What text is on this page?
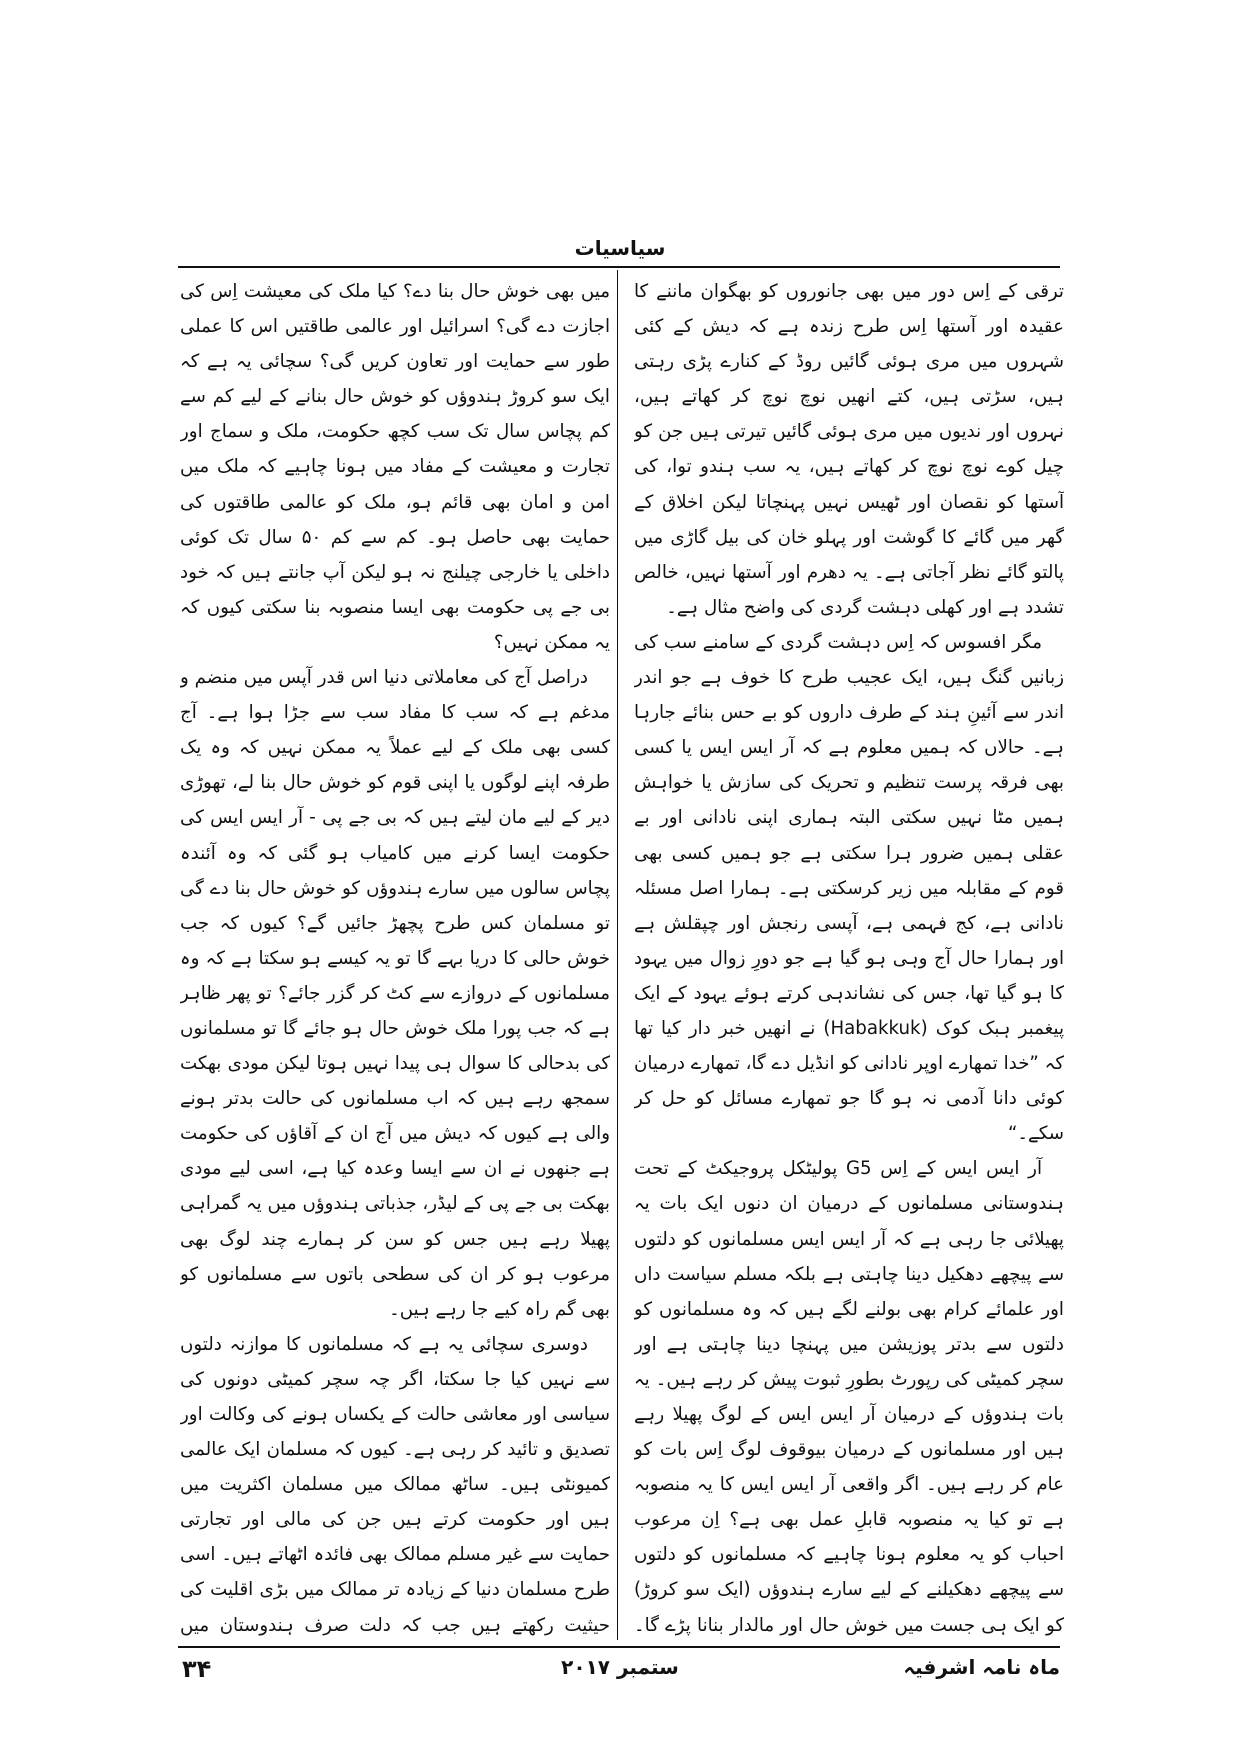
سیاسیات

ترقی کے اِس دور میں بھی جانوروں کو بھگوان ماننے کا عقیدہ اور آستھا اِس طرح زندہ ہے کہ دیش کے کئی شہروں میں مری ہوئی گائیں روڈ کے کنارے پڑی رہتی ہیں، سڑتی ہیں، کتے انھیں نوچ نوچ کر کھاتے ہیں، نہروں اور ندیوں میں مری ہوئی گائیں تیرتی ہیں جن کو چیل کوے نوچ نوچ کر کھاتے ہیں، یہ سب ہندو توا، کی آستھا کو نقصان اور ٹھیس نہیں پہنچاتا لیکن اخلاق کے گھر میں گائے کا گوشت اور پہلو خان کی بیل گاڑی میں پالتو گائے نظر آجاتی ہے۔ یہ دھرم اور آستھا نہیں، خالص تشدد ہے اور کھلی دہشت گردی کی واضح مثال ہے۔

مگر افسوس کہ اِس دہشت گردی کے سامنے سب کی زبانیں گنگ ہیں، ایک عجیب طرح کا خوف ہے جو اندر اندر سے آئینِ ہند کے طرف داروں کو بے حس بنائے جارہا ہے۔ حالاں کہ ہمیں معلوم ہے کہ آر ایس ایس یا کسی بھی فرقہ پرست تنظیم و تحریک کی سازش یا خواہش ہمیں مٹا نہیں سکتی البتہ ہماری اپنی نادانی اور بے عقلی ہمیں ضرور ہرا سکتی ہے جو ہمیں کسی بھی قوم کے مقابلہ میں زیر کرسکتی ہے۔ ہمارا اصل مسئلہ نادانی ہے، کج فہمی ہے، آپسی رنجش اور چپقلش ہے اور ہمارا حال آج وہی ہو گیا ہے جو دورِ زوال میں یہود کا ہو گیا تھا، جس کی نشاندہی کرتے ہوئے یہود کے ایک پیغمبر ہبک کوک (Habakkuk) نے انھیں خبر دار کیا تھا کہ ”خدا تمھارے اوپر نادانی کو انڈیل دے گا، تمھارے درمیان کوئی دانا آدمی نہ ہو گا جو تمھارے مسائل کو حل کر سکے۔“

آر ایس ایس کے اِس G5 پولیٹکل پروجیکٹ کے تحت ہندوستانی مسلمانوں کے درمیان ان دنوں ایک بات یہ پھیلائی جا رہی ہے کہ آر ایس ایس مسلمانوں کو دلتوں سے پیچھے دھکیل دینا چاہتی ہے بلکہ مسلم سیاست داں اور علمائے کرام بھی بولنے لگے ہیں کہ وہ مسلمانوں کو دلتوں سے بدتر پوزیشن میں پہنچا دینا چاہتی ہے اور سچر کمیٹی کی رپورٹ بطورِ ثبوت پیش کر رہے ہیں۔ یہ بات ہندوؤں کے درمیان آر ایس ایس کے لوگ پھیلا رہے ہیں اور مسلمانوں کے درمیان بیوقوف لوگ اِس بات کو عام کر رہے ہیں۔ اگر واقعی آر ایس ایس کا یہ منصوبہ ہے تو کیا یہ منصوبہ قابلِ عمل بھی ہے؟ اِن مرعوب احباب کو یہ معلوم ہونا چاہیے کہ مسلمانوں کو دلتوں سے پیچھے دھکیلنے کے لیے سارے ہندوؤں (ایک سو کروڑ) کو ایک ہی جست میں خوش حال اور مالدار بنانا پڑے گا۔

میں بھی خوش حال بنا دے؟ کیا ملک کی معیشت اِس کی اجازت دے گی؟ اسرائیل اور عالمی طاقتیں اس کا عملی طور سے حمایت اور تعاون کریں گی؟ سچائی یہ ہے کہ ایک سو کروڑ ہندوؤں کو خوش حال بنانے کے لیے کم سے کم پچاس سال تک سب کچھ حکومت، ملک و سماج اور تجارت و معیشت کے مفاد میں ہونا چاہیے کہ ملک میں امن و امان بھی قائم ہو، ملک کو عالمی طاقتوں کی حمایت بھی حاصل ہو۔ کم سے کم ۵۰ سال تک کوئی داخلی یا خارجی چیلنج نہ ہو لیکن آپ جانتے ہیں کہ خود بی جے پی حکومت بھی ایسا منصوبہ بنا سکتی کیوں کہ یہ ممکن نہیں؟

دراصل آج کی معاملاتی دنیا اس قدر آپس میں منضم و مدغم ہے کہ سب کا مفاد سب سے جڑا ہوا ہے۔ آج کسی بھی ملک کے لیے عملاً یہ ممکن نہیں کہ وہ یک طرفہ اپنے لوگوں یا اپنی قوم کو خوش حال بنا لے، تھوڑی دیر کے لیے مان لیتے ہیں کہ بی جے پی - آر ایس ایس کی حکومت ایسا کرنے میں کامیاب ہو گئی کہ وہ آئندہ پچاس سالوں میں سارے ہندوؤں کو خوش حال بنا دے گی تو مسلمان کس طرح پچھڑ جائیں گے؟ کیوں کہ جب خوش حالی کا دریا بہے گا تو یہ کیسے ہو سکتا ہے کہ وہ مسلمانوں کے دروازے سے کٹ کر گزر جائے؟ تو پھر ظاہر ہے کہ جب پورا ملک خوش حال ہو جائے گا تو مسلمانوں کی بدحالی کا سوال ہی پیدا نہیں ہوتا لیکن مودی بھکت سمجھ رہے ہیں کہ اب مسلمانوں کی حالت بدتر ہونے والی ہے کیوں کہ دیش میں آج ان کے آقاؤں کی حکومت ہے جنھوں نے ان سے ایسا وعدہ کیا ہے، اسی لیے مودی بھکت بی جے پی کے لیڈر، جذباتی ہندوؤں میں یہ گمراہی پھیلا رہے ہیں جس کو سن کر ہمارے چند لوگ بھی مرعوب ہو کر ان کی سطحی باتوں سے مسلمانوں کو بھی گم راہ کیے جا رہے ہیں۔

دوسری سچائی یہ ہے کہ مسلمانوں کا موازنہ دلتوں سے نہیں کیا جا سکتا، اگر چہ سچر کمیٹی دونوں کی سیاسی اور معاشی حالت کے یکساں ہونے کی وکالت اور تصدیق و تائید کر رہی ہے۔ کیوں کہ مسلمان ایک عالمی کمیونٹی ہیں۔ ساٹھ ممالک میں مسلمان اکثریت میں ہیں اور حکومت کرتے ہیں جن کی مالی اور تجارتی حمایت سے غیر مسلم ممالک بھی فائدہ اٹھاتے ہیں۔ اسی طرح مسلمان دنیا کے زیادہ تر ممالک میں بڑی اقلیت کی حیثیت رکھتے ہیں جب کہ دلت صرف ہندوستان میں

ماہ نامہ اشرفیہ
ستمبر ۲۰۱۷
۳۴
